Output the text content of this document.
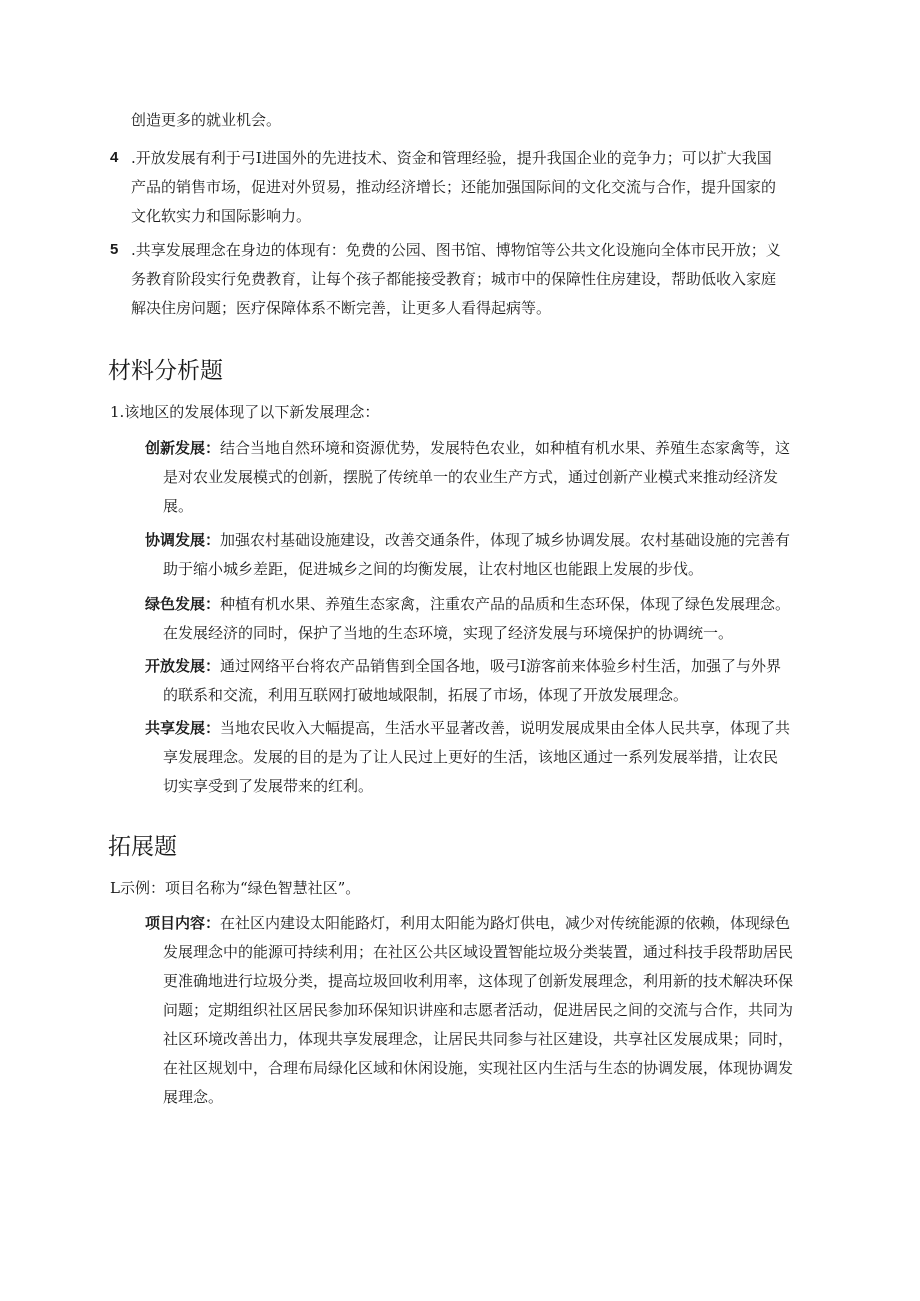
创造更多的就业机会。
4 .开放发展有利于弓I进国外的先进技术、资金和管理经验，提升我国企业的竞争力；可以扩大我国
产品的销售市场，促进对外贸易，推动经济增长；还能加强国际间的文化交流与合作，提升国家的
文化软实力和国际影响力。
5 .共享发展理念在身边的体现有：免费的公园、图书馆、博物馆等公共文化设施向全体市民开放；义
务教育阶段实行免费教育，让每个孩子都能接受教育；城市中的保障性住房建设，帮助低收入家庭
解决住房问题；医疗保障体系不断完善，让更多人看得起病等。
材料分析题
1.该地区的发展体现了以下新发展理念：
创新发展：结合当地自然环境和资源优势，发展特色农业，如种植有机水果、养殖生态家禽等，这
是对农业发展模式的创新，摆脱了传统单一的农业生产方式，通过创新产业模式来推动经济发
展。
协调发展：加强农村基础设施建设，改善交通条件，体现了城乡协调发展。农村基础设施的完善有
助于缩小城乡差距，促进城乡之间的均衡发展，让农村地区也能跟上发展的步伐。
绿色发展：种植有机水果、养殖生态家禽，注重农产品的品质和生态环保，体现了绿色发展理念。
在发展经济的同时，保护了当地的生态环境，实现了经济发展与环境保护的协调统一。
开放发展：通过网络平台将农产品销售到全国各地，吸弓I游客前来体验乡村生活，加强了与外界
的联系和交流，利用互联网打破地域限制，拓展了市场，体现了开放发展理念。
共享发展：当地农民收入大幅提高，生活水平显著改善，说明发展成果由全体人民共享，体现了共
享发展理念。发展的目的是为了让人民过上更好的生活，该地区通过一系列发展举措，让农民
切实享受到了发展带来的红利。
拓展题
L示例：项目名称为“绿色智慧社区”。
项目内容：在社区内建设太阳能路灯，利用太阳能为路灯供电，减少对传统能源的依赖，体现绿色
发展理念中的能源可持续利用；在社区公共区域设置智能垃圾分类装置，通过科技手段帮助居民
更准确地进行垃圾分类，提高垃圾回收利用率，这体现了创新发展理念，利用新的技术解决环保
问题；定期组织社区居民参加环保知识讲座和志愿者活动，促进居民之间的交流与合作，共同为
社区环境改善出力，体现共享发展理念，让居民共同参与社区建设，共享社区发展成果；同时，
在社区规划中，合理布局绿化区域和休闲设施，实现社区内生活与生态的协调发展，体现协调发
展理念。
